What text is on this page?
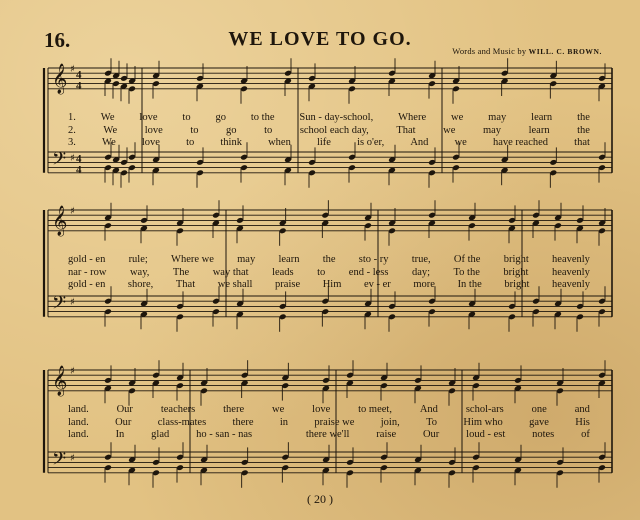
16.	WE LOVE TO GO.
Words and Music by WILL. C. BROWN.
𝄞
𝄢
♯
♯
4
4
4
4
𝄞
𝄢
♯
♯
𝄞
𝄢
♯
♯
1. We love to go to the Sun - day-school, Where we may learn the
2.	We	love	to	go	to	school each day,	That	we	may	learn	the
3. We love to think when life is o'er, And we have reached that
gold - en rule; Where we may learn the sto - ry true, Of the bright heavenly
nar - row way, The way that leads to end - less day; To the bright heavenly
gold - en shore, That we shall praise Him ev - er more In the bright heavenly
land.	Our	teachers	there	we	love	to meet,	And	schol-ars	one	and
land.	Our	class-mates	there	in	praise we	join,	To	Him who	gave	His
land.	In	glad	ho - san - nas	there we'll	raise	Our	loud - est	notes	of
( 20 )
